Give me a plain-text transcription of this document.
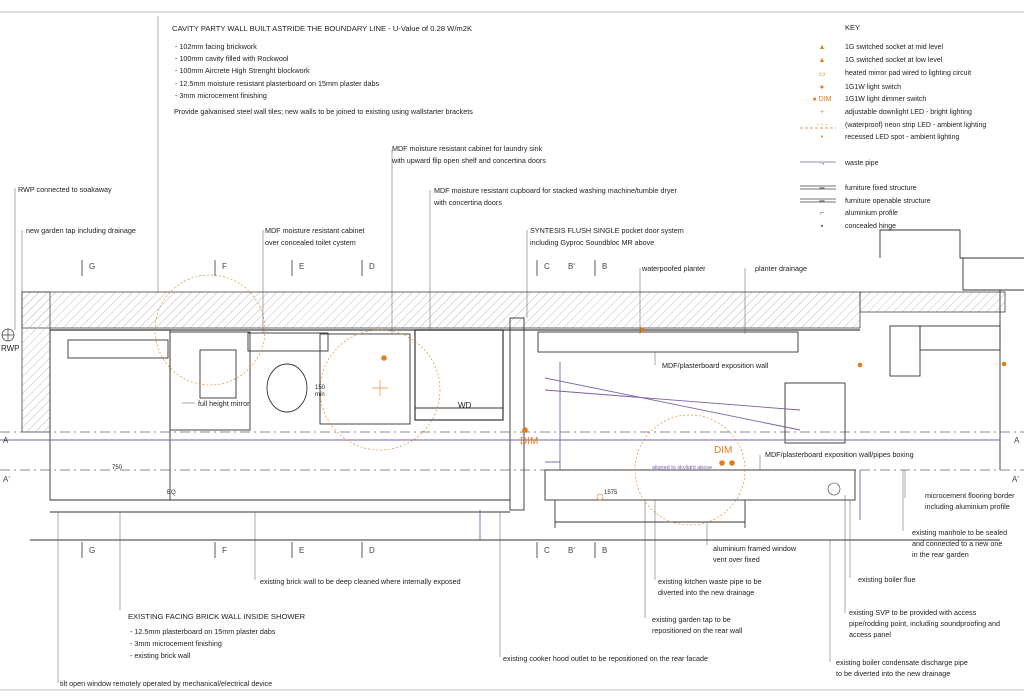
KEY
▲	1G switched socket at mid level
▲	1G switched socket at low level
▭	heated mirror pad wired to lighting circuit
●	1G1W light switch
● DIM 1G1W light dimmer switch
+	adjustable downlight LED - bright lighting
- - -	(waterproof) neon strip LED - ambient lighting
•	recessed LED spot - ambient lighting
→	waste pipe
═	furniture fixed structure
═	furniture openable structure
⌐	aluminium profile
▪	concealed hinge
CAVITY PARTY WALL BUILT ASTRIDE THE BOUNDARY LINE - U-Value of 0.28 W/m2K
- 102mm facing brickwork
- 100mm cavity filled with Rockwool
- 100mm Aircrete High Strenght blockwork
- 12.5mm moisture resistant plasterboard on 15mm plaster dabs
- 3mm microcement finishing
Provide galvanised steel wall tiles; new walls to be joined to existing using wallstarter brackets
MDF moisture resistant cabinet for laundry sink
with upward flip open shelf and concertina doors
MDF moisture resistant cupboard for stacked washing machine/tumble dryer
with concertina doors
RWP connected to soakaway
new garden tap including drainage	MDF moisture resistant cabinet
over concealed toilet cystem
SYNTESIS FLUSH SINGLE pocket door system
including Gyproc Soundbloc MR above
waterpoofed planter	planter drainage
G	F	E	D	C B'	B
G	F	E	D	C B'	B
A
A'
A
A'
RWP
WD
DIM
DIM
750
150
min
1575
EQ
aligned to skylight above
MDF/plasterboard exposition wall
full height mirror
MDF/plasterboard exposition wall/pipes boxing
microcement flooring border
including aluminium profile
existing manhole to be sealed
and connected to a new one
in the rear garden
aluminium framed window
vent over fixed
existing brick wall to be deep cleaned where internally exposed	existing kitchen waste pipe to be
diverted into the new drainage
existing boiler flue
EXISTING FACING BRICK WALL INSIDE SHOWER
- 12.5mm plasterboard on 15mm plaster dabs
- 3mm microcement finishing
- existing brick wall
existing garden tap to be
repositioned on the rear wall
existing SVP to be provided with access
pipe/rodding point, including soundproofing and
access panel
existing cooker hood outlet to be repositioned on the rear facade	existing boiler condensate discharge pipe
to be diverted into the new drainage
tilt open window remotely operated by mechanical/electrical device
